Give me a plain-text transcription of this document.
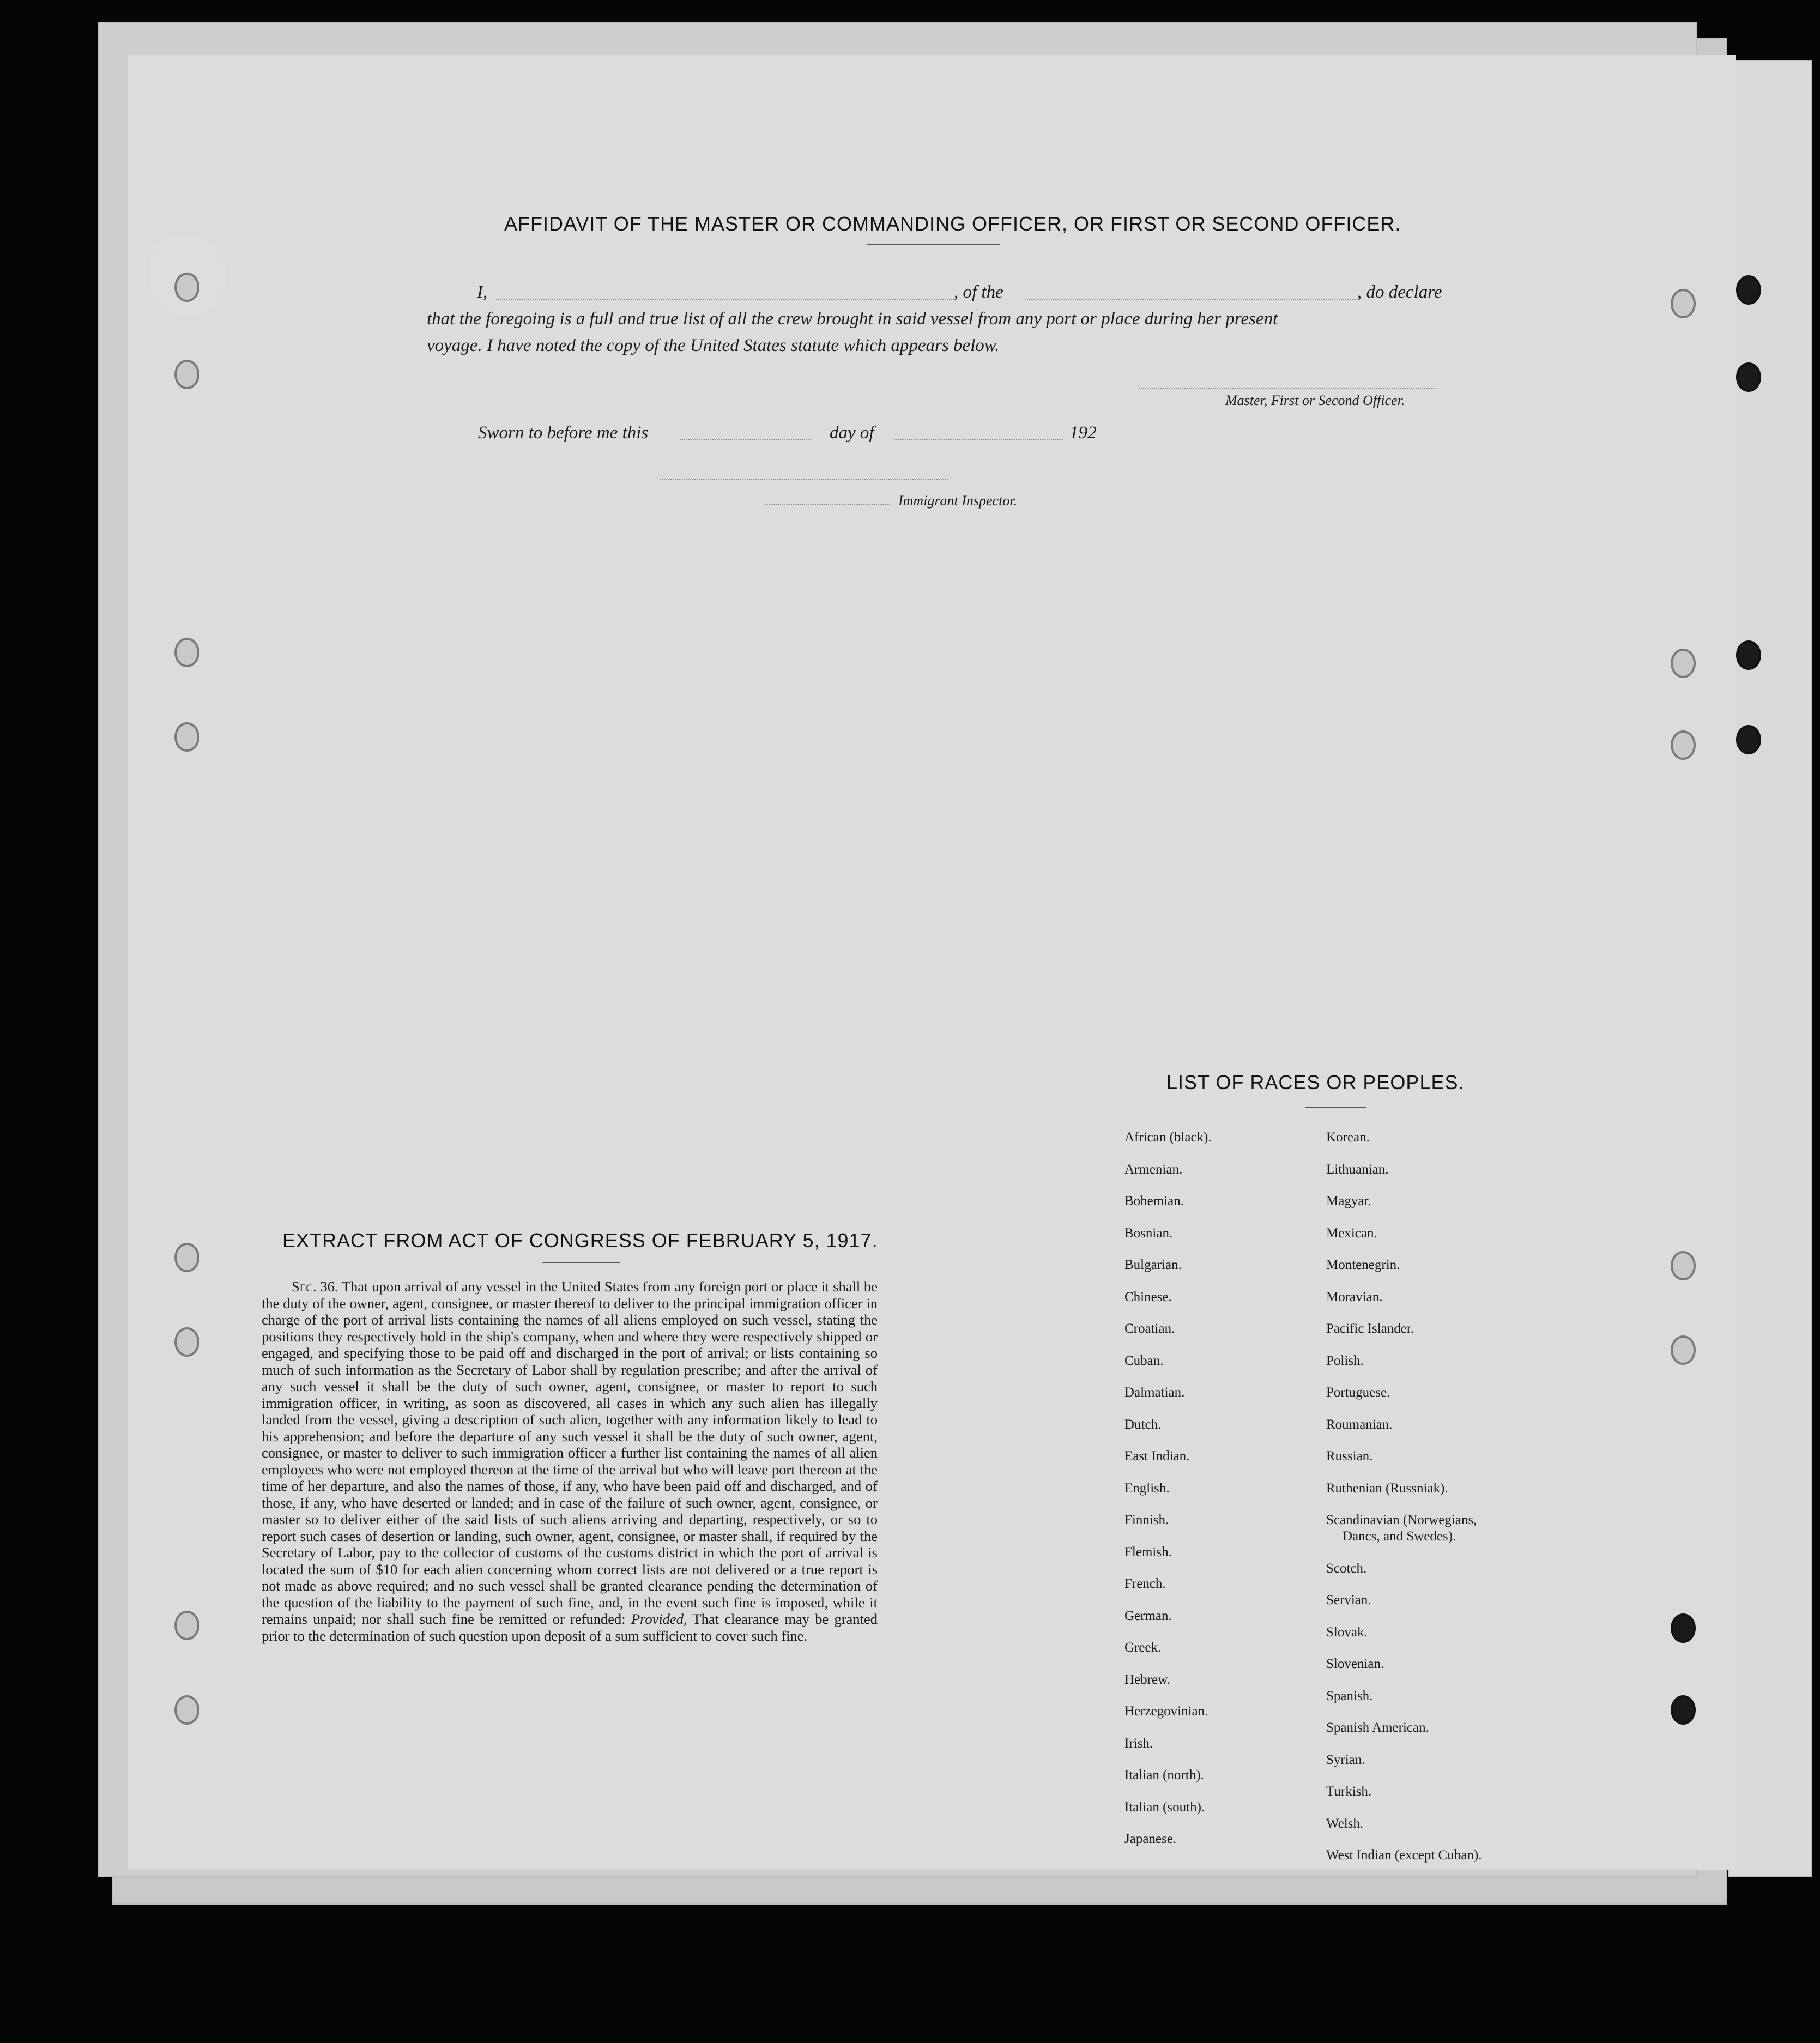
AFFIDAVIT OF THE MASTER OR COMMANDING OFFICER, OR FIRST OR SECOND OFFICER.
I,	, of the	, do declare
that the foregoing is a full and true list of all the crew brought in said vessel from any port or place during her present
voyage. I have noted the copy of the United States statute which appears below.
Master, First or Second Officer.
Sworn to before me this	day of	192
Immigrant Inspector.
EXTRACT FROM ACT OF CONGRESS OF FEBRUARY 5, 1917.
Sec. 36. That upon arrival of any vessel in the United States from any foreign port or place it shall be the duty of the owner, agent, consignee, or master thereof to deliver to the principal immigration officer in charge of the port of arrival lists containing the names of all aliens employed on such vessel, stating the positions they respectively hold in the ship's company, when and where they were respectively shipped or engaged, and specifying those to be paid off and discharged in the port of arrival; or lists containing so much of such information as the Secretary of Labor shall by regulation prescribe; and after the arrival of any such vessel it shall be the duty of such owner, agent, consignee, or master to report to such immigration officer, in writing, as soon as discovered, all cases in which any such alien has illegally landed from the vessel, giving a description of such alien, together with any information likely to lead to his apprehension; and before the departure of any such vessel it shall be the duty of such owner, agent, consignee, or master to deliver to such immigration officer a further list containing the names of all alien employees who were not employed thereon at the time of the arrival but who will leave port thereon at the time of her departure, and also the names of those, if any, who have been paid off and discharged, and of those, if any, who have deserted or landed; and in case of the failure of such owner, agent, consignee, or master so to deliver either of the said lists of such aliens arriving and departing, respectively, or so to report such cases of desertion or landing, such owner, agent, consignee, or master shall, if required by the Secretary of Labor, pay to the collector of customs of the customs district in which the port of arrival is located the sum of $10 for each alien concerning whom correct lists are not delivered or a true report is not made as above required; and no such vessel shall be granted clearance pending the determination of the question of the liability to the payment of such fine, and, in the event such fine is imposed, while it remains unpaid; nor shall such fine be remitted or refunded: Provided, That clearance may be granted prior to the determination of such question upon deposit of a sum sufficient to cover such fine.
LIST OF RACES OR PEOPLES.
African (black).
Armenian.
Bohemian.
Bosnian.
Bulgarian.
Chinese.
Croatian.
Cuban.
Dalmatian.
Dutch.
East Indian.
English.
Finnish.
Flemish.
French.
German.
Greek.
Hebrew.
Herzegovinian.
Irish.
Italian (north).
Italian (south).
Japanese.
Korean.
Lithuanian.
Magyar.
Mexican.
Montenegrin.
Moravian.
Pacific Islander.
Polish.
Portuguese.
Roumanian.
Russian.
Ruthenian (Russniak).
Scandinavian (Norwegians,
Dancs, and Swedes).
Scotch.
Servian.
Slovak.
Slovenian.
Spanish.
Spanish American.
Syrian.
Turkish.
Welsh.
West Indian (except Cuban).
